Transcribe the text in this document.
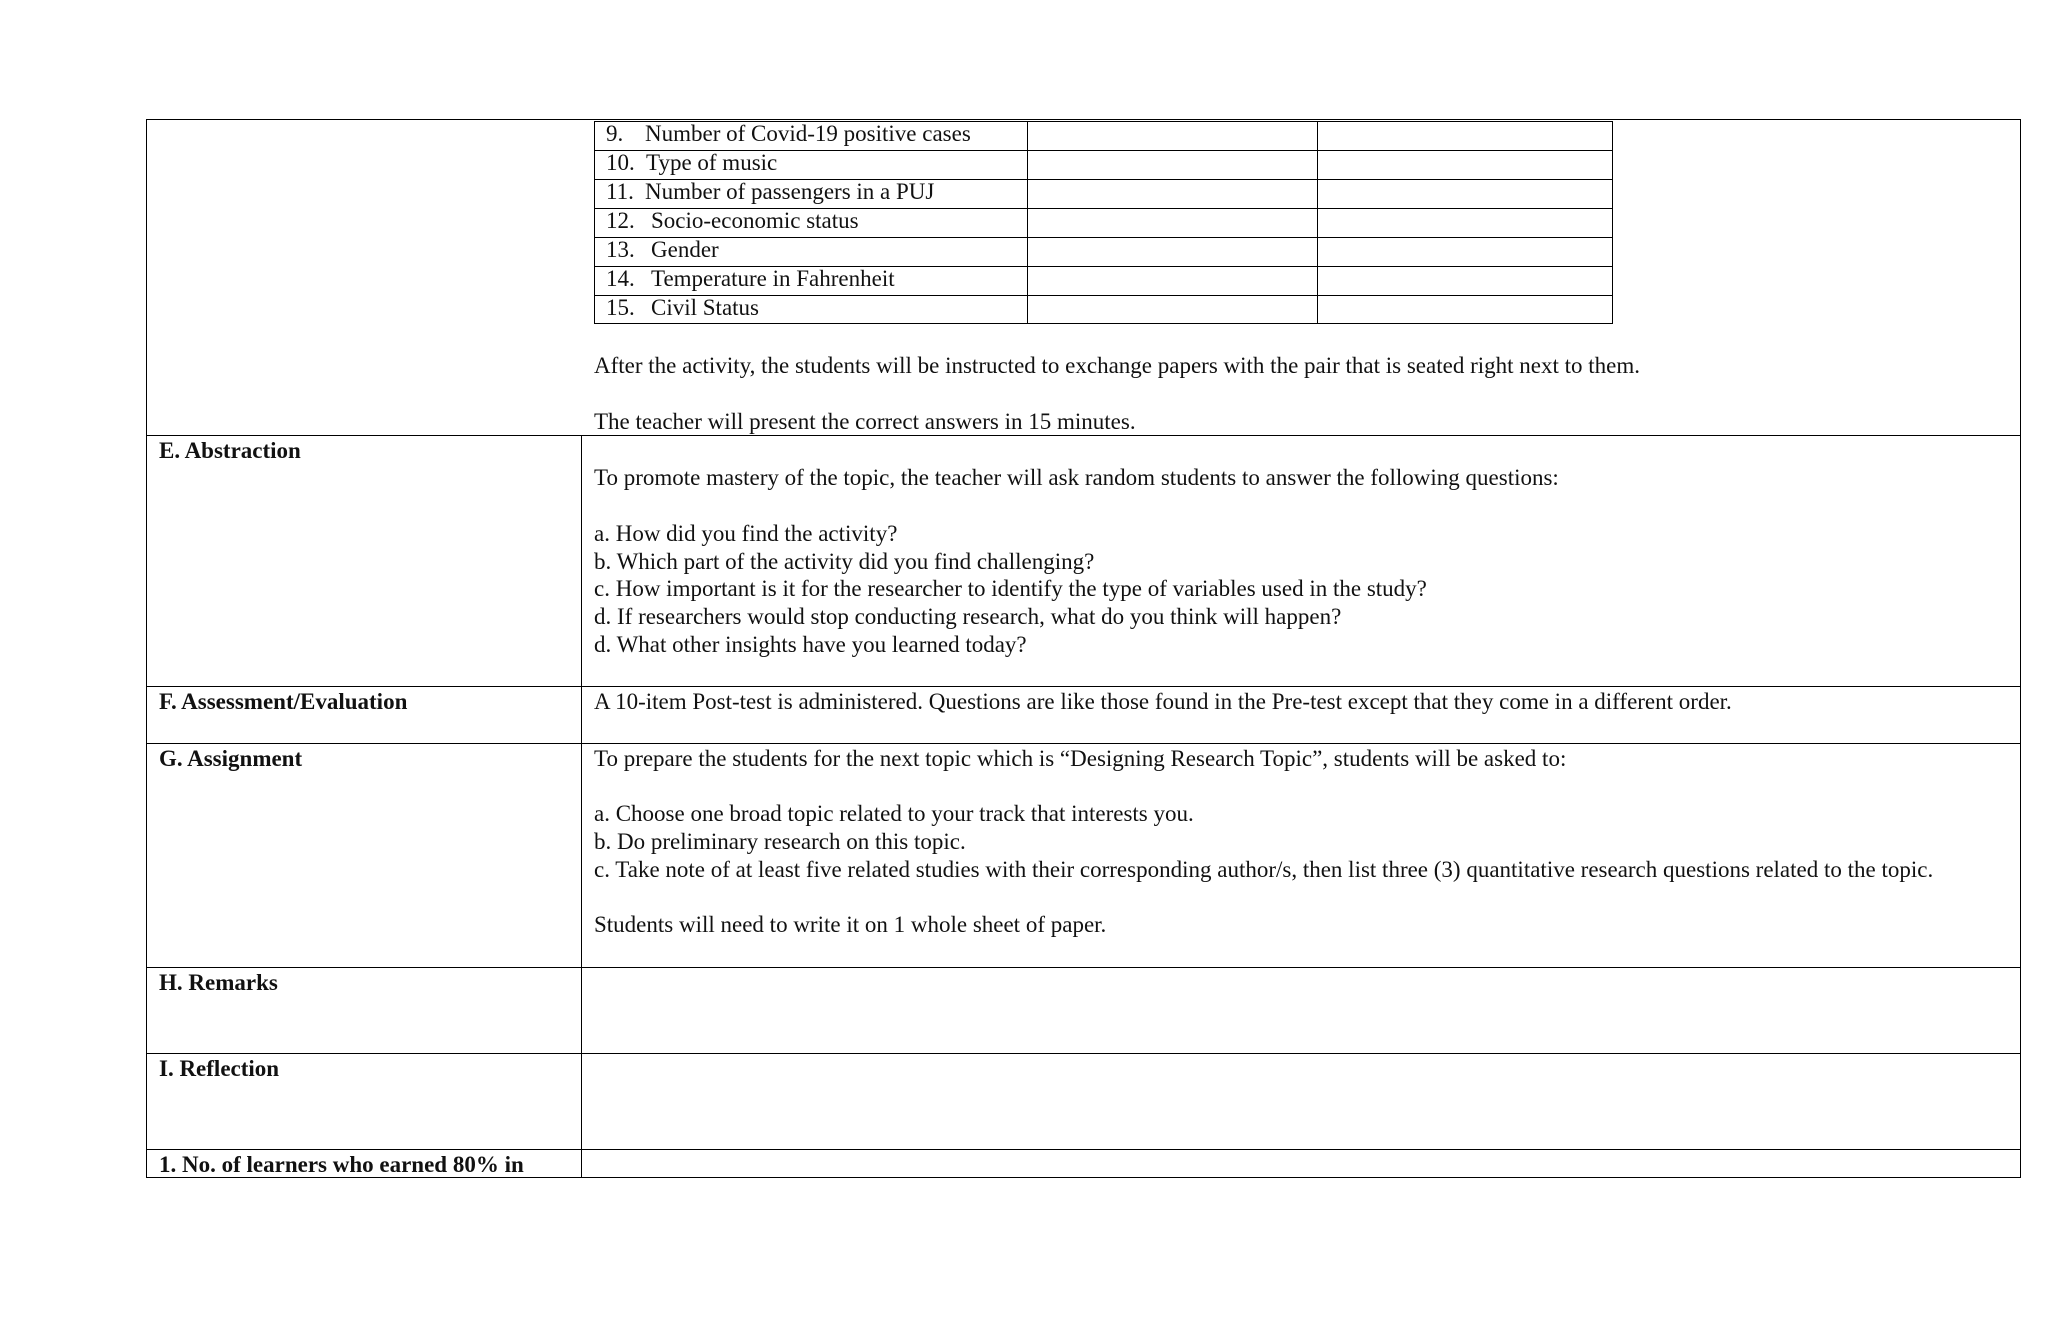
9. Number of Covid-19 positive cases
10. Type of music
11. Number of passengers in a PUJ
12. Socio-economic status
13. Gender
14. Temperature in Fahrenheit
15. Civil Status
After the activity, the students will be instructed to exchange papers with the pair that is seated right next to them.
The teacher will present the correct answers in 15 minutes.
E. Abstraction
To promote mastery of the topic, the teacher will ask random students to answer the following questions:
a. How did you find the activity?
b. Which part of the activity did you find challenging?
c. How important is it for the researcher to identify the type of variables used in the study?
d. If researchers would stop conducting research, what do you think will happen?
d. What other insights have you learned today?
F. Assessment/Evaluation	A 10-item Post-test is administered. Questions are like those found in the Pre-test except that they come in a different order.
G. Assignment	To prepare the students for the next topic which is “Designing Research Topic”, students will be asked to:
a. Choose one broad topic related to your track that interests you.
b. Do preliminary research on this topic.
c. Take note of at least five related studies with their corresponding author/s, then list three (3) quantitative research questions related to the topic.
Students will need to write it on 1 whole sheet of paper.
H. Remarks
I. Reflection
1. No. of learners who earned 80% in
